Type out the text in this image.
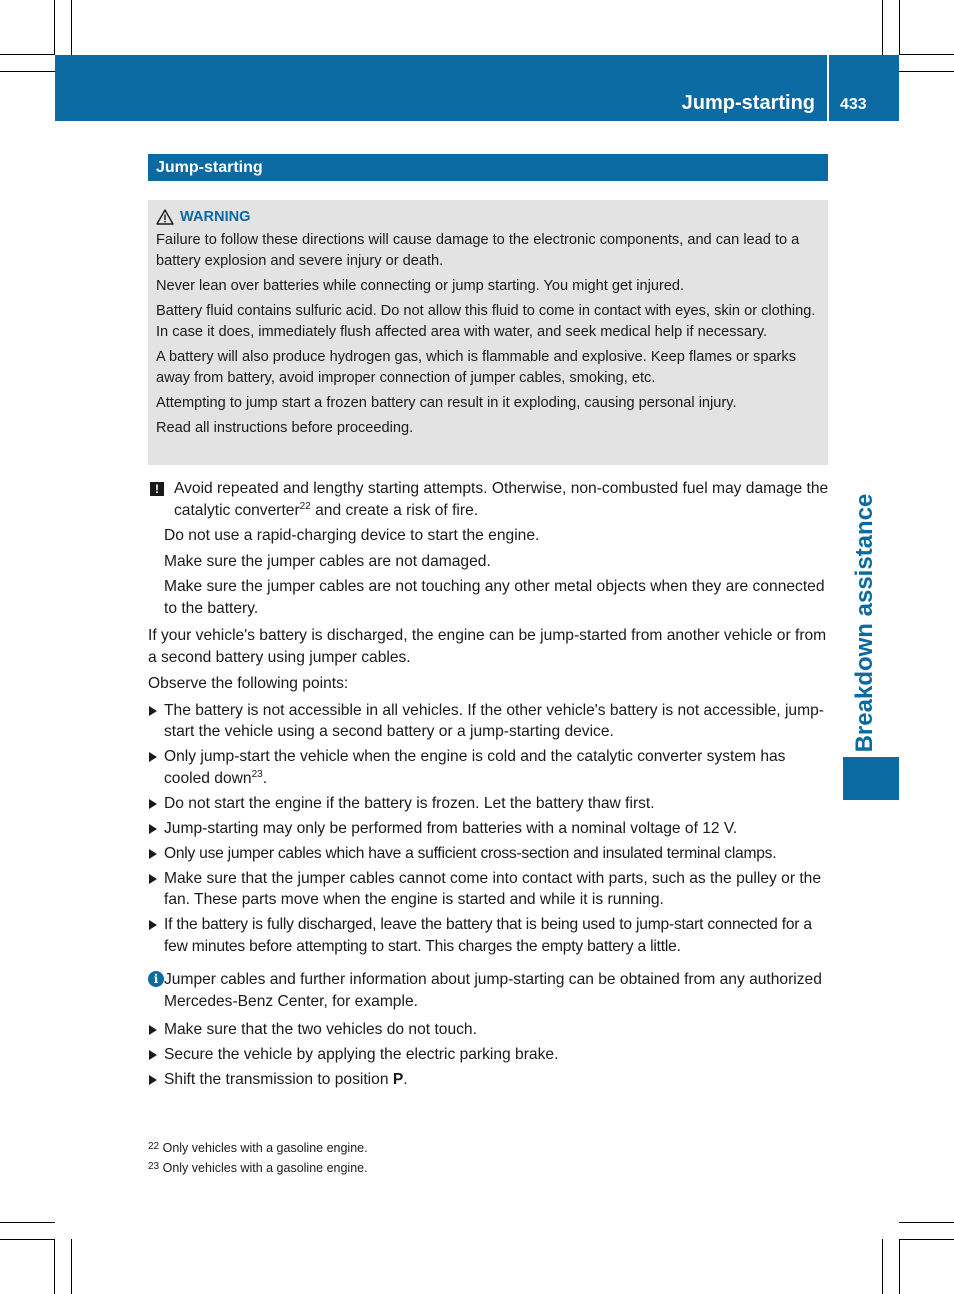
Jump-starting 433
Breakdown assistance
Jump-starting
WARNING

Failure to follow these directions will cause damage to the electronic components, and can lead to a battery explosion and severe injury or death.

Never lean over batteries while connecting or jump starting. You might get injured.

Battery fluid contains sulfuric acid. Do not allow this fluid to come in contact with eyes, skin or clothing. In case it does, immediately flush affected area with water, and seek medical help if necessary.

A battery will also produce hydrogen gas, which is flammable and explosive. Keep flames or sparks away from battery, avoid improper connection of jumper cables, smoking, etc.

Attempting to jump start a frozen battery can result in it exploding, causing personal injury.

Read all instructions before proceeding.

! Avoid repeated and lengthy starting attempts. Otherwise, non-combusted fuel may damage the catalytic converter$^{22}$ and create a risk of fire.

Do not use a rapid-charging device to start the engine.

Make sure the jumper cables are not damaged.

Make sure the jumper cables are not touching any other metal objects when they are connected to the battery.

If your vehicle's battery is discharged, the engine can be jump-started from another vehicle or from a second battery using jumper cables.

Observe the following points:

The battery is not accessible in all vehicles. If the other vehicle's battery is not accessible, jump-start the vehicle using a second battery or a jump-starting device.
Only jump-start the vehicle when the engine is cold and the catalytic converter system has cooled down$^{23}$.
Do not start the engine if the battery is frozen. Let the battery thaw first.
Jump-starting may only be performed from batteries with a nominal voltage of 12 V.
Only use jumper cables which have a sufficient cross-section and insulated terminal clamps.
Make sure that the jumper cables cannot come into contact with parts, such as the pulley or the fan. These parts move when the engine is started and while it is running.
If the battery is fully discharged, leave the battery that is being used to jump-start connected for a few minutes before attempting to start. This charges the empty battery a little.
i Jumper cables and further information about jump-starting can be obtained from any authorized Mercedes-Benz Center, for example.

Make sure that the two vehicles do not touch.
Secure the vehicle by applying the electric parking brake.
Shift the transmission to position P.
$^{22}$ Only vehicles with a gasoline engine.
$^{23}$ Only vehicles with a gasoline engine.
